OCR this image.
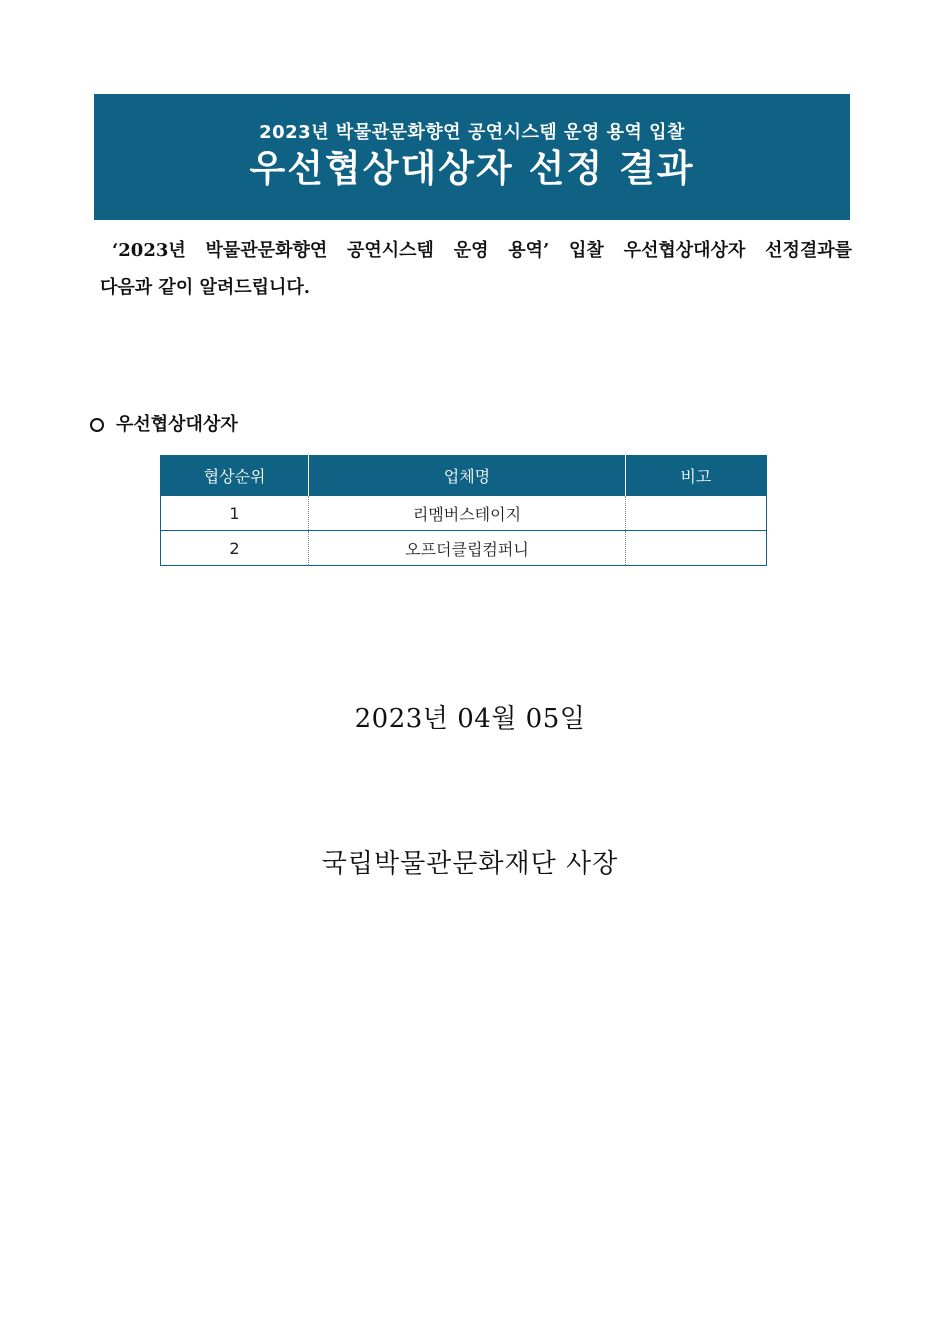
2023년 박물관문화향연 공연시스템 운영 용역 입찰
우선협상대상자 선정 결과
‘2023년 박물관문화향연 공연시스템 운영 용역’ 입찰 우선협상대상자 선정결과를
다음과 같이 알려드립니다.
우선협상대상자
협상순위	업체명	비고
1	리멤버스테이지	
2	오프더클립컴퍼니	
2023년 04월 05일
국립박물관문화재단 사장
